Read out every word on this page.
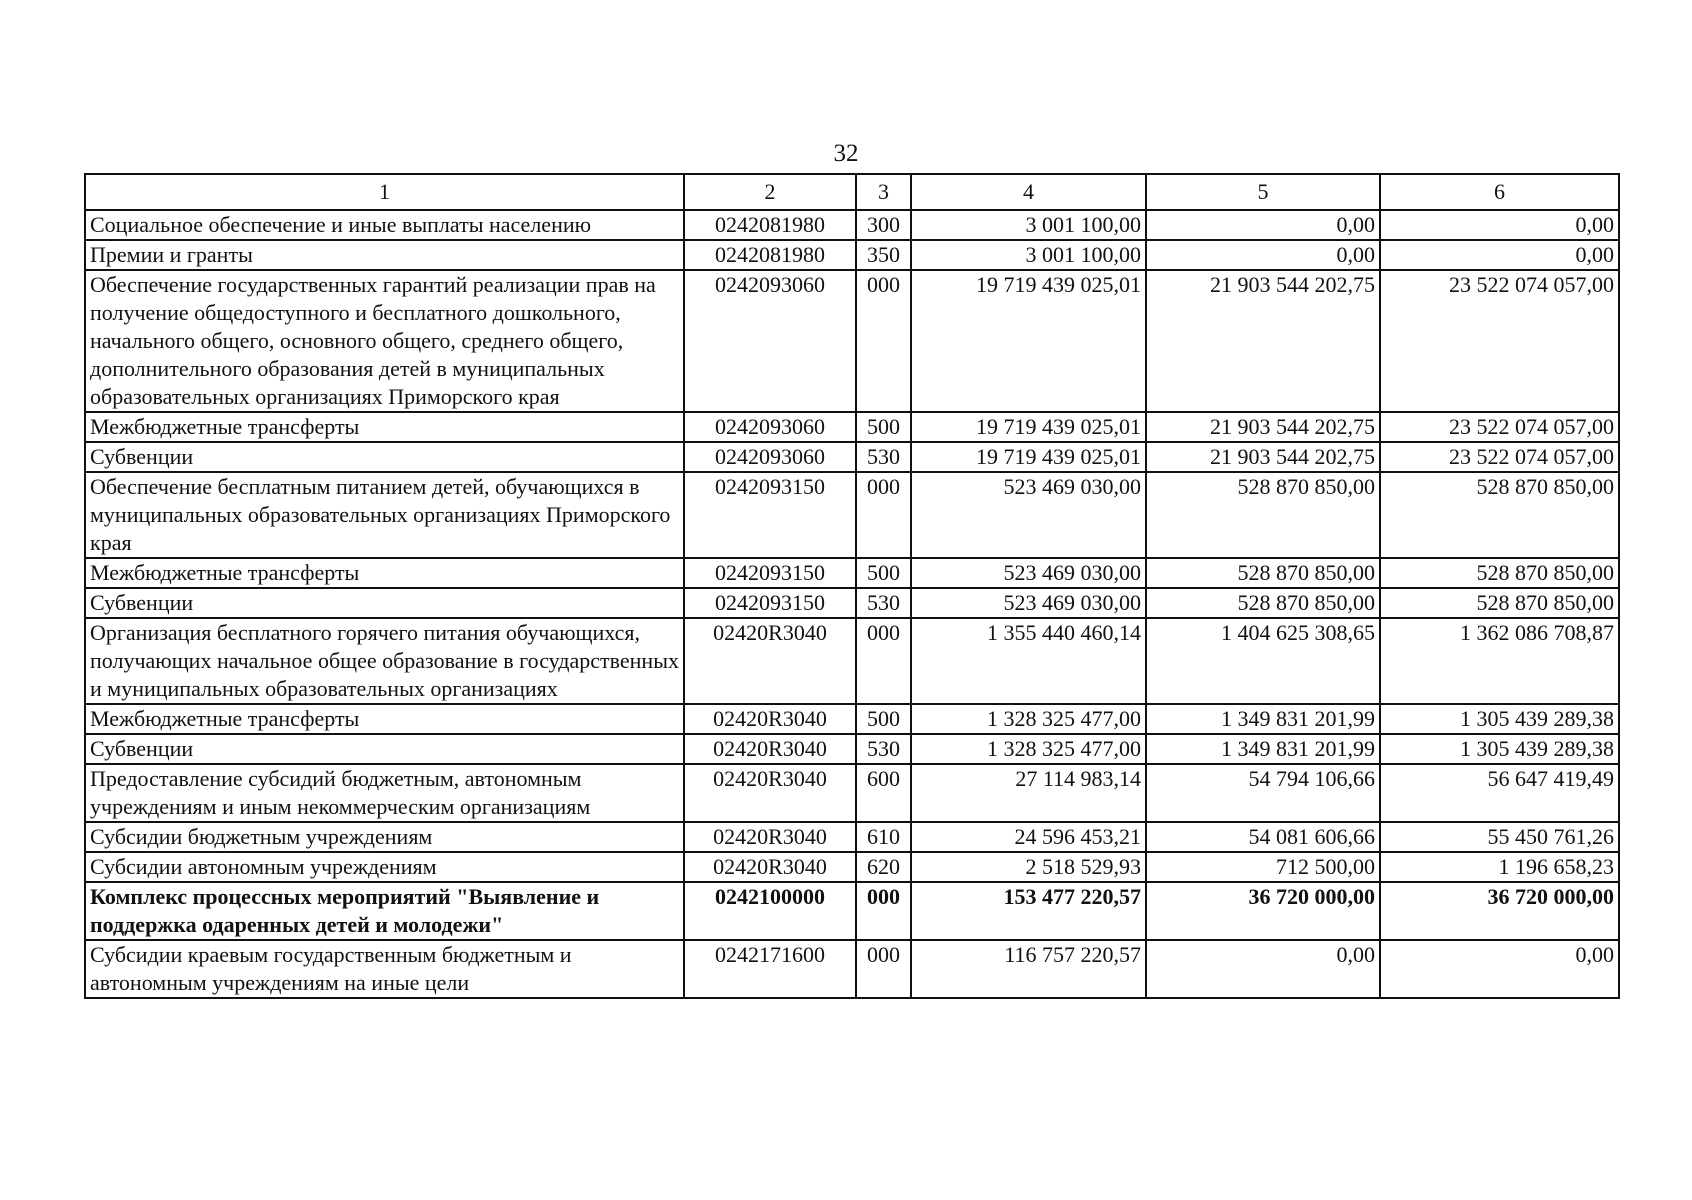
32
1	2	3	4	5	6
Социальное обеспечение и иные выплаты населению	0242081980	300	3 001 100,00	0,00	0,00
Премии и гранты	0242081980	350	3 001 100,00	0,00	0,00
Обеспечение государственных гарантий реализации прав на получение общедоступного и бесплатного дошкольного, начального общего, основного общего, среднего общего, дополнительного образования детей в муниципальных образовательных организациях Приморского края	0242093060	000	19 719 439 025,01	21 903 544 202,75	23 522 074 057,00
Межбюджетные трансферты	0242093060	500	19 719 439 025,01	21 903 544 202,75	23 522 074 057,00
Субвенции	0242093060	530	19 719 439 025,01	21 903 544 202,75	23 522 074 057,00
Обеспечение бесплатным питанием детей, обучающихся в муниципальных образовательных организациях Приморского края	0242093150	000	523 469 030,00	528 870 850,00	528 870 850,00
Межбюджетные трансферты	0242093150	500	523 469 030,00	528 870 850,00	528 870 850,00
Субвенции	0242093150	530	523 469 030,00	528 870 850,00	528 870 850,00
Организация бесплатного горячего питания обучающихся, получающих начальное общее образование в государственных и муниципальных образовательных организациях	02420R3040	000	1 355 440 460,14	1 404 625 308,65	1 362 086 708,87
Межбюджетные трансферты	02420R3040	500	1 328 325 477,00	1 349 831 201,99	1 305 439 289,38
Субвенции	02420R3040	530	1 328 325 477,00	1 349 831 201,99	1 305 439 289,38
Предоставление субсидий бюджетным, автономным учреждениям и иным некоммерческим организациям	02420R3040	600	27 114 983,14	54 794 106,66	56 647 419,49
Субсидии бюджетным учреждениям	02420R3040	610	24 596 453,21	54 081 606,66	55 450 761,26
Субсидии автономным учреждениям	02420R3040	620	2 518 529,93	712 500,00	1 196 658,23
Комплекс процессных мероприятий "Выявление и поддержка одаренных детей и молодежи"	0242100000	000	153 477 220,57	36 720 000,00	36 720 000,00
Субсидии краевым государственным бюджетным и автономным учреждениям на иные цели	0242171600	000	116 757 220,57	0,00	0,00
